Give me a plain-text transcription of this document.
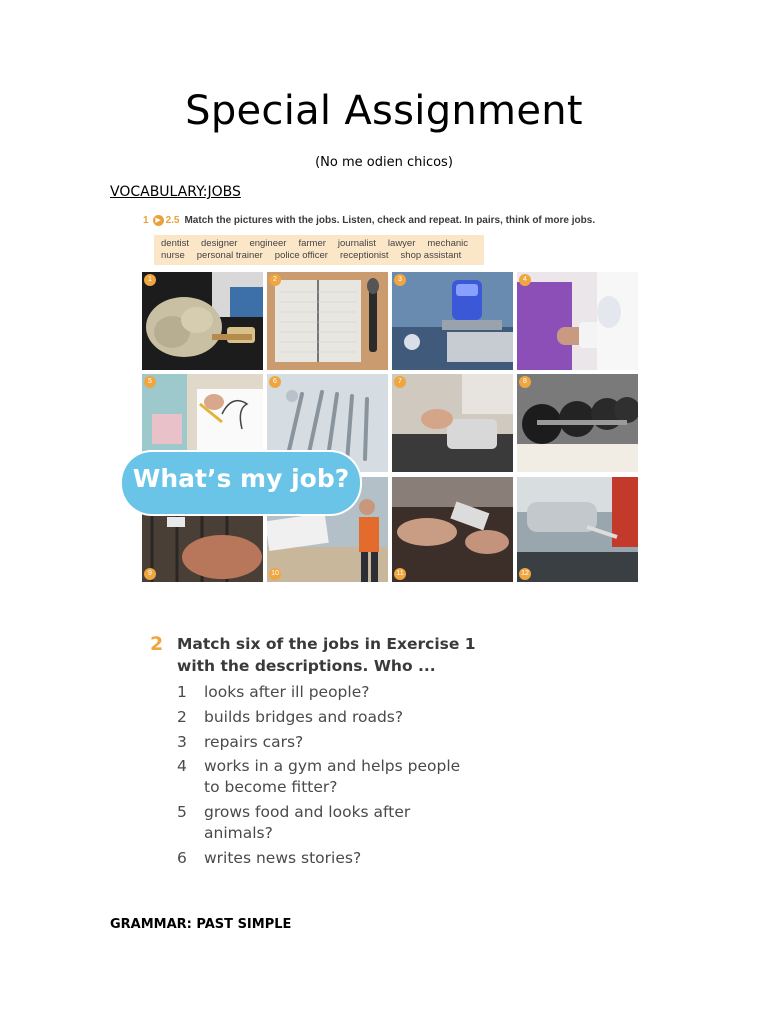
Special Assignment
(No me odien chicos)
VOCABULARY:JOBS
1 ▶ 2.5 Match the pictures with the jobs. Listen, check and repeat. In pairs, think of more jobs.
dentist designer engineer farmer journalist lawyer mechanic
nurse personal trainer police officer receptionist shop assistant
1	2	3	4
5	6	7	8
9	10	11	12
What’s my job?
2 Match six of the jobs in Exercise 1
with the descriptions. Who ...
1 looks after ill people?
2 builds bridges and roads?
3 repairs cars?
4 works in a gym and helps people
to become fitter?
5 grows food and looks after
animals?
6 writes news stories?
GRAMMAR: PAST SIMPLE
